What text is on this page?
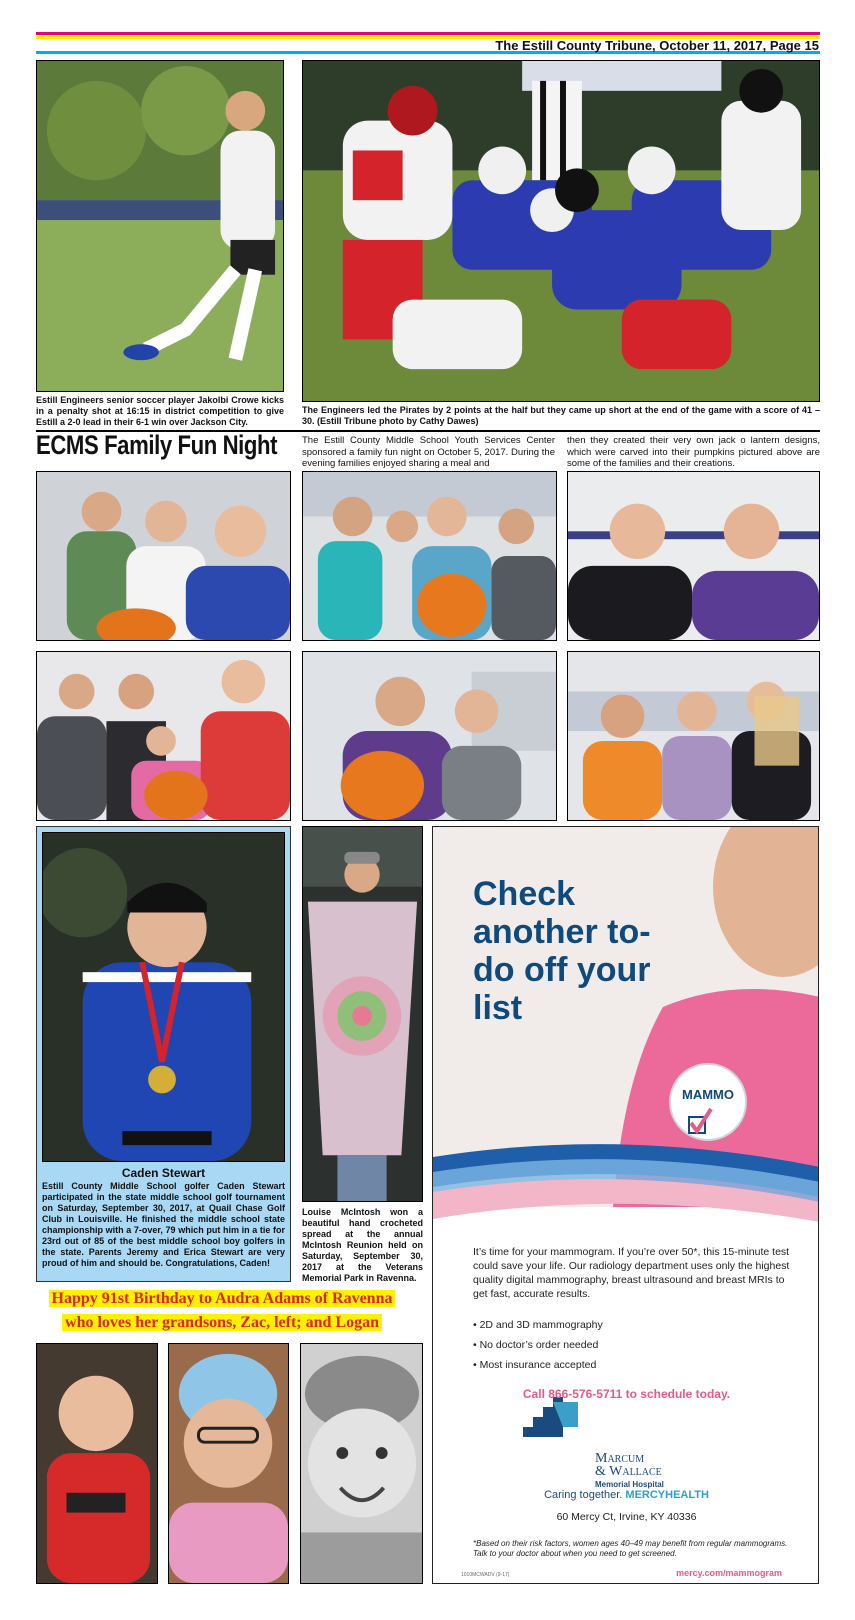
The Estill County Tribune, October 11, 2017, Page 15
Estill Engineers senior soccer player Jakolbi Crowe kicks in a penalty shot at 16:15 in district competition to give Estill a 2-0 lead in their 6-1 win over Jackson City.
The Engineers led the Pirates by 2 points at the half but they came up short at the end of the game with a score of 41 – 30. (Estill Tribune photo by Cathy Dawes)
ECMS Family Fun Night	The Estill County Middle School Youth Services Center sponsored a family fun night on October 5, 2017. During the evening families enjoyed sharing a meal and
then they created their very own jack o lantern designs, which were carved into their pumpkins pictured above are some of the families and their creations.
Caden Stewart
Estill County Middle School golfer Caden Stewart participated in the state middle school golf tournament on Saturday, September 30, 2017, at Quail Chase Golf Club in Louisville. He finished the middle school state championship with a 7-over, 79 which put him in a tie for 23rd out of 85 of the best middle school boy golfers in the state. Parents Jeremy and Erica Stewart are very proud of him and should be. Congratulations, Caden!
Louise McIntosh won a beautiful hand crocheted spread at the annual McIntosh Reunion held on Saturday, September 30, 2017 at the Veterans Memorial Park in Ravenna.
Happy 91st Birthday to Audra Adams of Ravenna
who loves her grandsons, Zac, left; and Logan
Check another to-do off your list
MAMMO
It’s time for your mammogram. If you’re over 50*, this 15-minute test could save your life. Our radiology department uses only the highest quality digital mammography, breast ultrasound and breast MRIs to get fast, accurate results.
• 2D and 3D mammography
• No doctor’s order needed
• Most insurance accepted
Call 866-576-5711 to schedule today.
Marcum
& Wallace
Memorial Hospital
Caring together. MERCYHEALTH
60 Mercy Ct, Irvine, KY 40336
*Based on their risk factors, women ages 40–49 may benefit from regular mammograms. Talk to your doctor about when you need to get screened.
1010MCWADV (9-17)	mercy.com/mammogram
